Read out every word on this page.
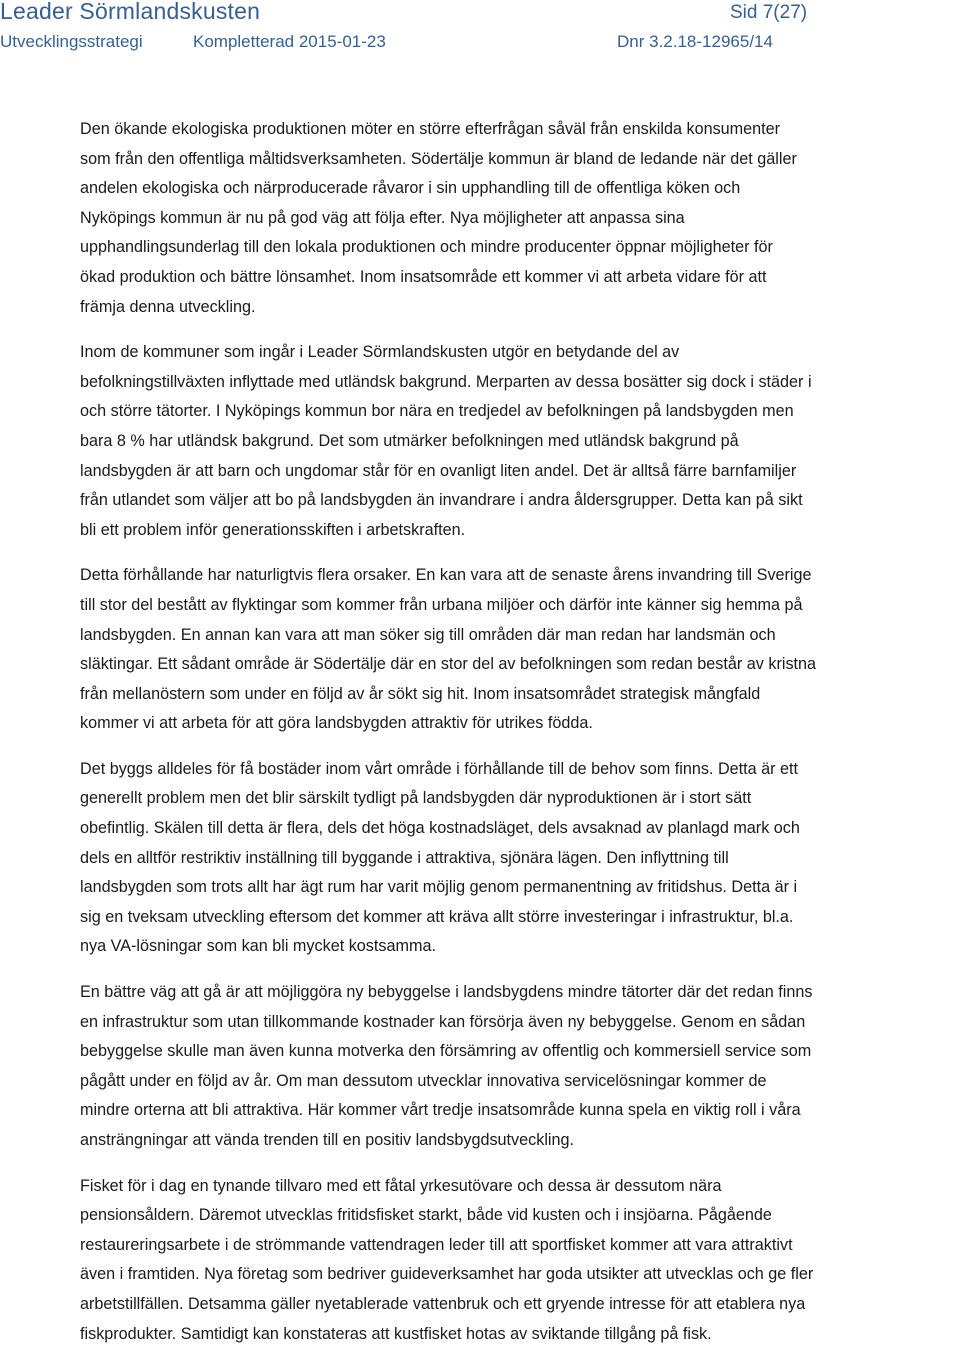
Leader Sörmlandskusten	Sid 7(27)
Utvecklingsstrategi	Kompletterad 2015-01-23	Dnr 3.2.18-12965/14

Den ökande ekologiska produktionen möter en större efterfrågan såväl från enskilda konsumenter
som från den offentliga måltidsverksamheten. Södertälje kommun är bland de ledande när det gäller
andelen ekologiska och närproducerade råvaror i sin upphandling till de offentliga köken och
Nyköpings kommun är nu på god väg att följa efter. Nya möjligheter att anpassa sina
upphandlingsunderlag till den lokala produktionen och mindre producenter öppnar möjligheter för
ökad produktion och bättre lönsamhet. Inom insatsområde ett kommer vi att arbeta vidare för att
främja denna utveckling.

Inom de kommuner som ingår i Leader Sörmlandskusten utgör en betydande del av
befolkningstillväxten inflyttade med utländsk bakgrund. Merparten av dessa bosätter sig dock i städer i
och större tätorter. I Nyköpings kommun bor nära en tredjedel av befolkningen på landsbygden men
bara 8 % har utländsk bakgrund. Det som utmärker befolkningen med utländsk bakgrund på
landsbygden är att barn och ungdomar står för en ovanligt liten andel. Det är alltså färre barnfamiljer
från utlandet som väljer att bo på landsbygden än invandrare i andra åldersgrupper. Detta kan på sikt
bli ett problem inför generationsskiften i arbetskraften.

Detta förhållande har naturligtvis flera orsaker. En kan vara att de senaste årens invandring till Sverige
till stor del bestått av flyktingar som kommer från urbana miljöer och därför inte känner sig hemma på
landsbygden. En annan kan vara att man söker sig till områden där man redan har landsmän och
släktingar. Ett sådant område är Södertälje där en stor del av befolkningen som redan består av kristna
från mellanöstern som under en följd av år sökt sig hit. Inom insatsområdet strategisk mångfald
kommer vi att arbeta för att göra landsbygden attraktiv för utrikes födda.

Det byggs alldeles för få bostäder inom vårt område i förhållande till de behov som finns. Detta är ett
generellt problem men det blir särskilt tydligt på landsbygden där nyproduktionen är i stort sätt
obefintlig. Skälen till detta är flera, dels det höga kostnadsläget, dels avsaknad av planlagd mark och
dels en alltför restriktiv inställning till byggande i attraktiva, sjönära lägen. Den inflyttning till
landsbygden som trots allt har ägt rum har varit möjlig genom permanentning av fritidshus. Detta är i
sig en tveksam utveckling eftersom det kommer att kräva allt större investeringar i infrastruktur, bl.a.
nya VA-lösningar som kan bli mycket kostsamma.

En bättre väg att gå är att möjliggöra ny bebyggelse i landsbygdens mindre tätorter där det redan finns
en infrastruktur som utan tillkommande kostnader kan försörja även ny bebyggelse. Genom en sådan
bebyggelse skulle man även kunna motverka den försämring av offentlig och kommersiell service som
pågått under en följd av år. Om man dessutom utvecklar innovativa servicelösningar kommer de
mindre orterna att bli attraktiva. Här kommer vårt tredje insatsområde kunna spela en viktig roll i våra
ansträngningar att vända trenden till en positiv landsbygdsutveckling.

Fisket för i dag en tynande tillvaro med ett fåtal yrkesutövare och dessa är dessutom nära
pensionsåldern. Däremot utvecklas fritidsfisket starkt, både vid kusten och i insjöarna. Pågående
restaureringsarbete i de strömmande vattendragen leder till att sportfisket kommer att vara attraktivt
även i framtiden. Nya företag som bedriver guideverksamhet har goda utsikter att utvecklas och ge fler
arbetstillfällen. Detsamma gäller nyetablerade vattenbruk och ett gryende intresse för att etablera nya
fiskprodukter. Samtidigt kan konstateras att kustfisket hotas av sviktande tillgång på fisk.
